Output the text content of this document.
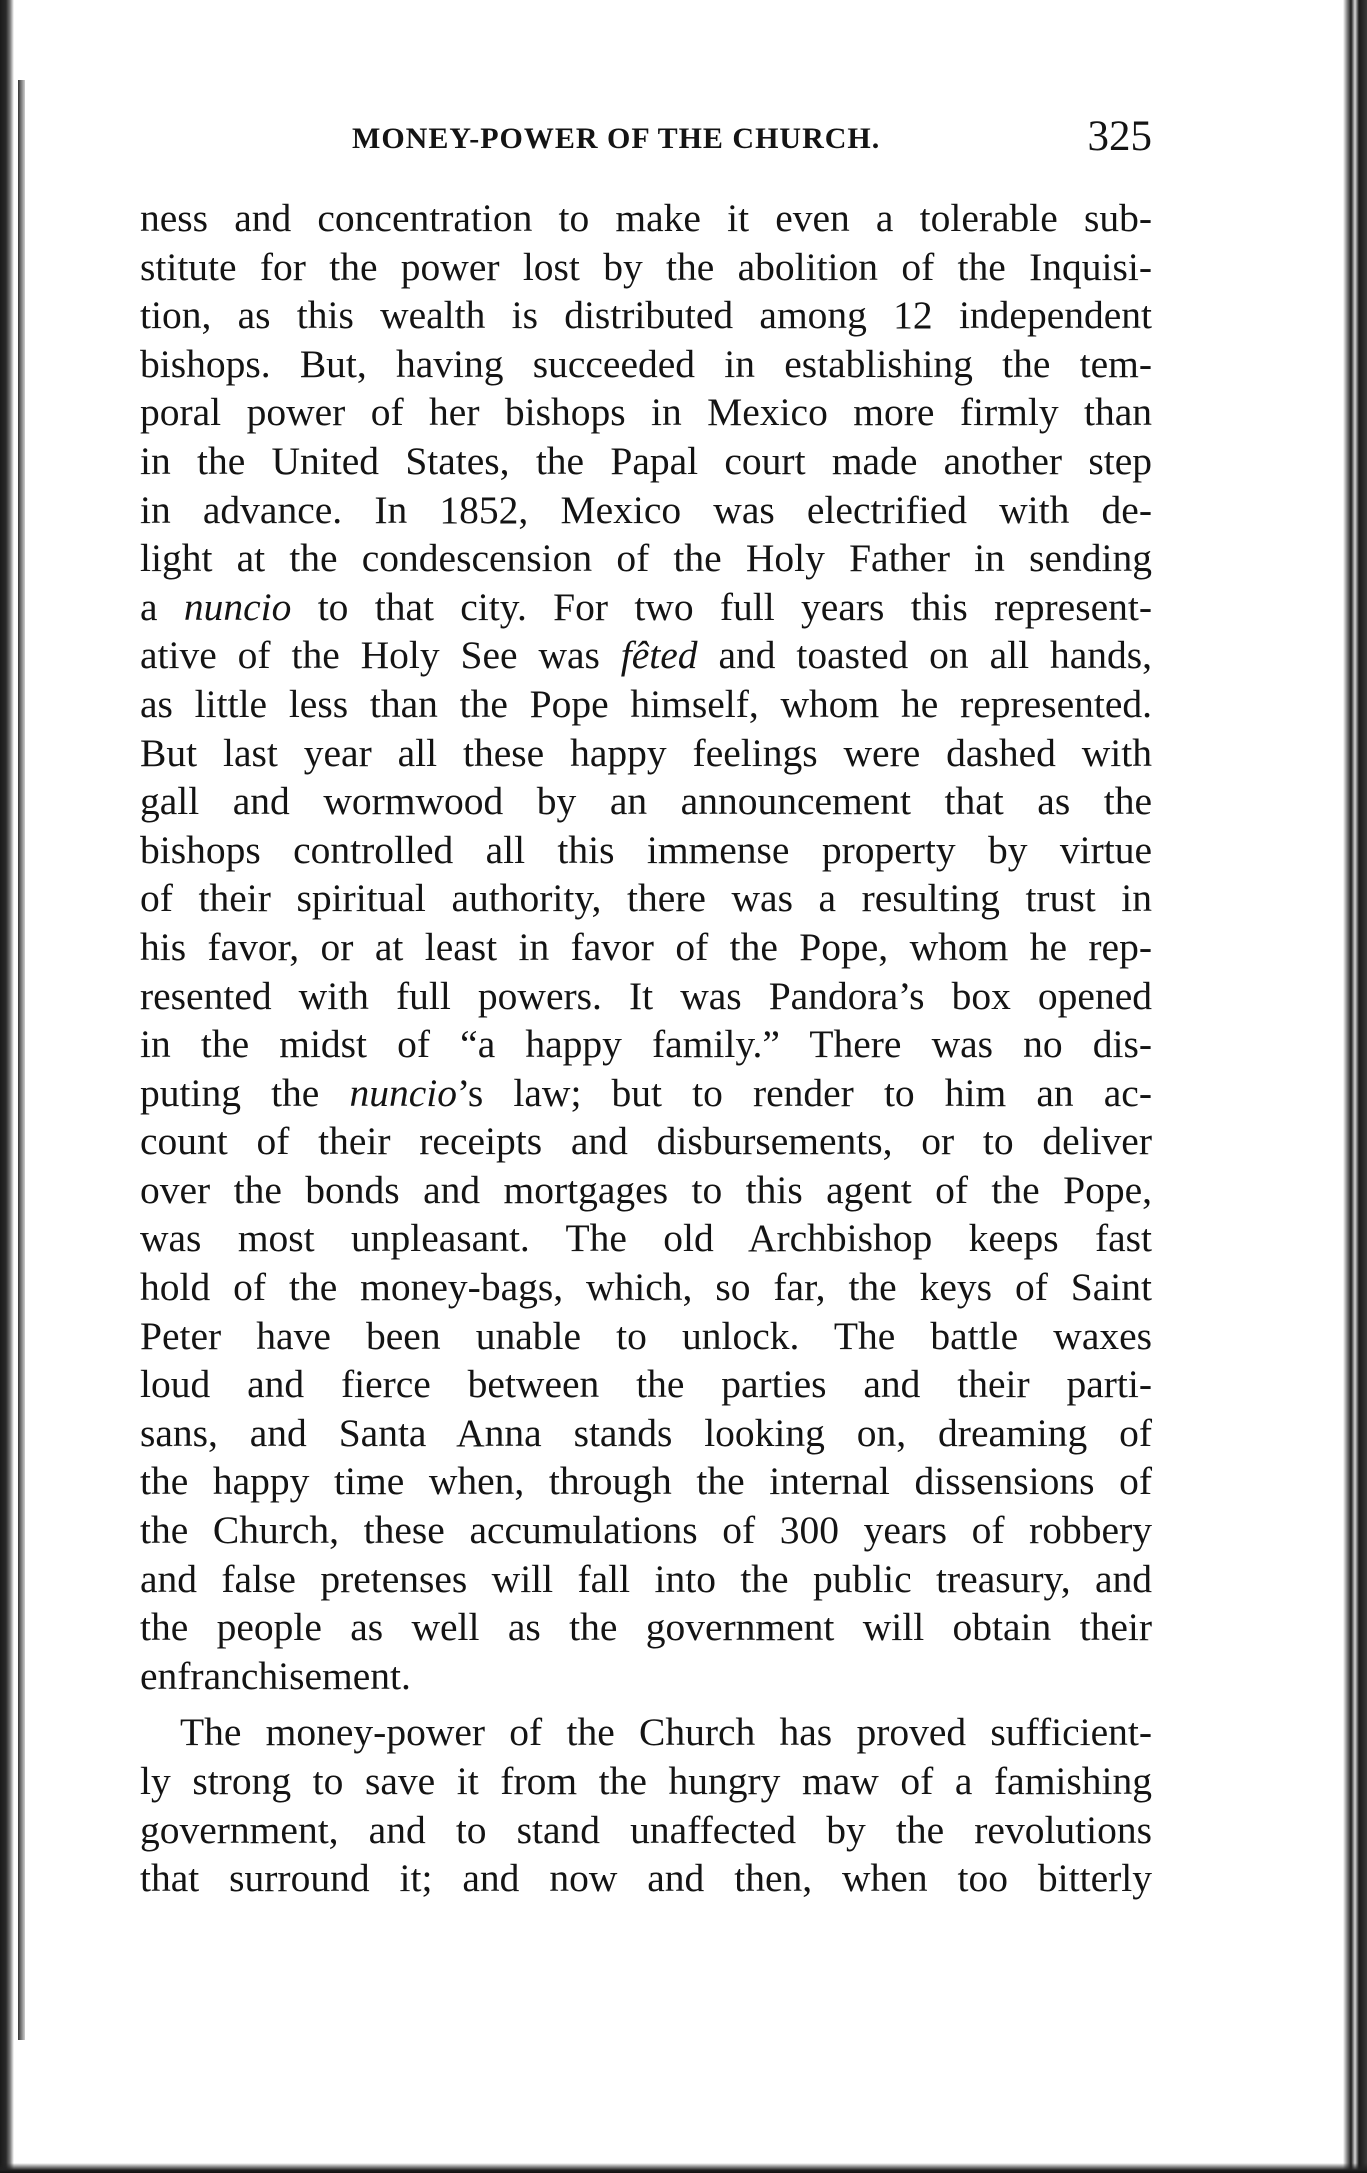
MONEY-POWER OF THE CHURCH.	325
ness and concentration to make it even a tolerable sub-
stitute for the power lost by the abolition of the Inquisi-
tion, as this wealth is distributed among 12 independent
bishops. But, having succeeded in establishing the tem-
poral power of her bishops in Mexico more firmly than
in the United States, the Papal court made another step
in advance. In 1852, Mexico was electrified with de-
light at the condescension of the Holy Father in sending
a nuncio to that city. For two full years this represent-
ative of the Holy See was fêted and toasted on all hands,
as little less than the Pope himself, whom he represented.
But last year all these happy feelings were dashed with
gall and wormwood by an announcement that as the
bishops controlled all this immense property by virtue
of their spiritual authority, there was a resulting trust in
his favor, or at least in favor of the Pope, whom he rep-
resented with full powers. It was Pandora’s box opened
in the midst of “a happy family.” There was no dis-
puting the nuncio’s law; but to render to him an ac-
count of their receipts and disbursements, or to deliver
over the bonds and mortgages to this agent of the Pope,
was most unpleasant. The old Archbishop keeps fast
hold of the money-bags, which, so far, the keys of Saint
Peter have been unable to unlock. The battle waxes
loud and fierce between the parties and their parti-
sans, and Santa Anna stands looking on, dreaming of
the happy time when, through the internal dissensions of
the Church, these accumulations of 300 years of robbery
and false pretenses will fall into the public treasury, and
the people as well as the government will obtain their
enfranchisement.
The money-power of the Church has proved sufficient-
ly strong to save it from the hungry maw of a famishing
government, and to stand unaffected by the revolutions
that surround it; and now and then, when too bitterly
